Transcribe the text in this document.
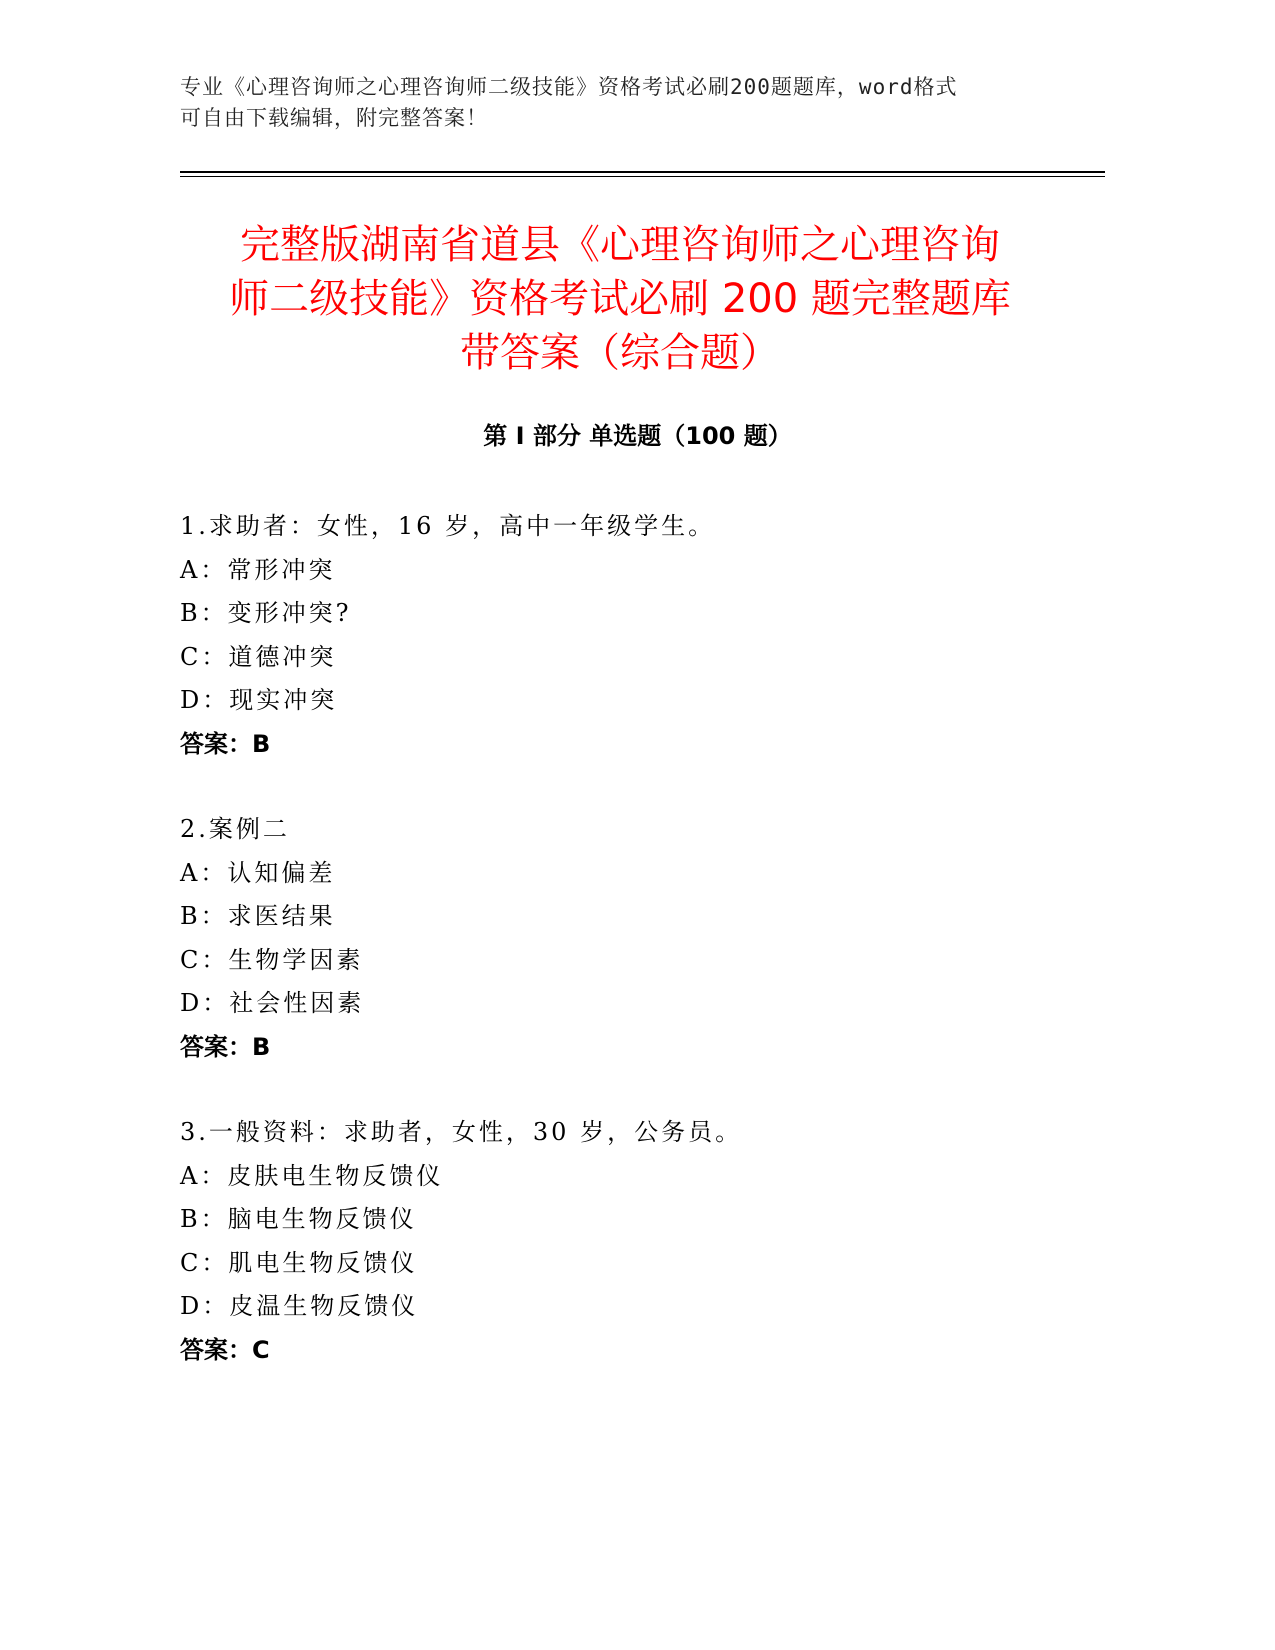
专业《心理咨询师之心理咨询师二级技能》资格考试必刷200题题库，word格式
可自由下载编辑，附完整答案！
完整版湖南省道县《心理咨询师之心理咨询
师二级技能》资格考试必刷 200 题完整题库
带答案（综合题）
第 I 部分 单选题（100 题）
1.求助者：女性，16 岁，高中一年级学生。
A：常形冲突
B：变形冲突?
C：道德冲突
D：现实冲突
答案：B
2.案例二
A：认知偏差
B：求医结果
C：生物学因素
D：社会性因素
答案：B
3.一般资料：求助者，女性，30 岁，公务员。
A：皮肤电生物反馈仪
B：脑电生物反馈仪
C：肌电生物反馈仪
D：皮温生物反馈仪
答案：C
